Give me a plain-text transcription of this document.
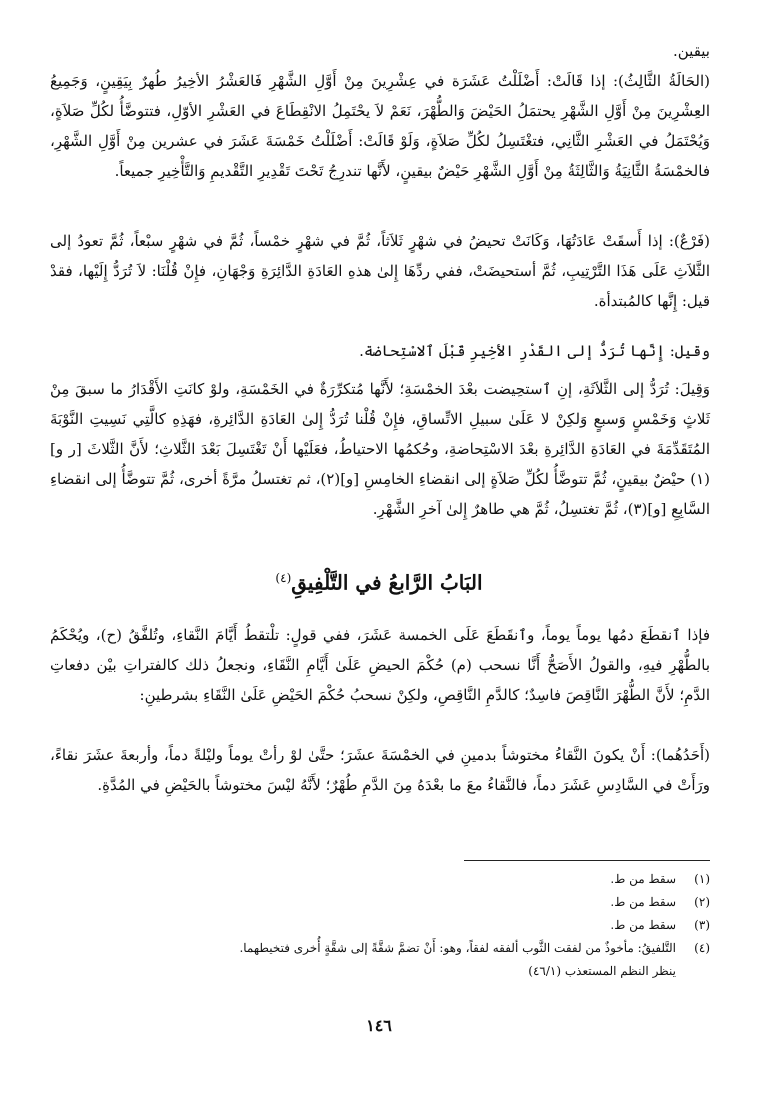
بيقين.

(الحَالَةُ الثَّالِثُ): إذا قَالَتْ: أَضْلَلْتُ عَشَرَة في عِشْرِينَ مِنْ أَوَّلِ الشَّهْرِ فَالعَشْرُ الأخِيرُ طُهرٌ بِيَقِينٍ، وَجَمِيعُ العِشْرِينَ مِنْ أَوَّلِ الشَّهْرِ يحتمَلُ الحَيْضَ وَالطُّهْرَ، نَعَمْ لاَ يحْتَمِلُ الانْقِطَاعَ في العَشْرِ الأوّلِ، فتتوضَّأُ لكُلِّ صَلاَةٍ، وَيُحْتَمَلُ في العَشْرِ الثَّانِي، فتغْتَسِلُ لكُلِّ صَلاَةٍ، وَلَوْ قَالَتْ: أَضْلَلْتُ خَمْسَةَ عَشَرَ في عشرين مِنْ أَوَّلِ الشَّهْرِ، فالخمْسَةُ الثَّانِيَةُ وَالثَّالِثَةُ مِنْ أَوَّلِ الشَّهْرِ حَيْضٌ بيقينٍ، لأَنَّها تندرِجُ تَحْتَ تَقْدِيرِ التَّقْديمِ وَالتَّأْخِيرِ جميعاً.

(فَرْعٌ): إذا أَسقَتْ عَادَتُهَا، وَكَانَتْ تحيضُ في شهْرٍ ثَلاَثاً، ثُمَّ في شهْرٍ خمْساً، ثُمَّ في شهْرٍ سبْعاً، ثُمَّ تعودُ إلى الثَّلاَثِ عَلَى هَذَا التَّرْتِيبِ، ثُمَّ أستحيضَتْ، ففي ردِّهَا إِلىٰ هذهِ العَادَةِ الدَّائِرَةِ وَجْهَانِ، فإِنْ قُلْنَا: لاَ تُرَدُّ إِلَيْها، فقدْ قيل: إِنَّها كالمُبتدأة.

وقيل: إِنَّها تُرَدُّ إلى القَدْرِ الأخِيرِ قَبْلَ ٱلاسْتِحاضة.

وَقِيلَ: تُرَدُّ إلى الثَّلاَثَةِ، إنِ ٱستحِيضت بعْدَ الخمْسَةِ؛ لأَنَّها مُتكرِّرَةٌ في الخَمْسَةِ، ولوْ كانَتِ الأَقْدَارُ ما سبقَ مِنْ ثَلاثٍ وَخَمْسٍ وَسبعٍ وَلكِنْ لا عَلَىٰ سبيلِ الاتِّساقِ، فإِنْ قُلْنا تُرَدُّ إِلىٰ العَادَةِ الدَّائِرةِ، فهَذِهِ كالَّتِي نَسِيتِ النَّوْبَةَ المُتَقَدِّمَةَ في العَادَةِ الدَّائِرةِ بعْدَ الاسْتِحاضةِ، وحُكمُها الاحتياطُ، فعَلَيْها أَنْ تَغْتَسِلَ بَعْدَ الثَّلاثِ؛ لأَنَّ الثَّلاثَ [ر و](١) حيْضٌ بيقينٍ، ثُمَّ تتوضَّأُ لكُلِّ صَلاَةٍ إلى انقضاءِ الخامِسِ [و](٢)، ثم تغتسلُ مرَّةً أخرى، ثُمَّ تتوضَّأُ إلى انقضاءِ السَّابِعِ [و](٣)، ثُمَّ تغتسِلُ، ثُمَّ هي طاهرٌ إِلىٰ آخرِ الشَّهْرِ.

البَابُ الرَّابعُ في التَّلْفِيقِ$^{(٤)}$

فإذا ٱنقطَعَ دمُها يوماً يوماً، وٱنقَطَعَ عَلَى الخمسة عَشَرَ، ففي قولٍ: تلْتقطُ أَيَّامَ النَّقاءِ، وتُلفَّقُ (ح)، ويُحْكَمُ بالطُّهْرِ فيهِ، والقولُ الأَصَحُّ أَنَّا نسحب (م) حُكْمَ الحيضِ عَلَىٰ أَيَّامِ النَّقَاءِ، ونجعلُ ذلك كالفتراتِ بيْن دفعاتِ الدَّمِ؛ لأَنَّ الطُّهْرَ النَّاقِصَ فاسِدٌ؛ كالدَّمِ النَّاقِصِ، ولكِنْ نسحبُ حُكْمَ الحَيْضِ عَلَىٰ النَّقَاءِ بشرطينِ:

(أَحَدُهُما): أَنْ يكونَ النَّقاءُ مختوشاً بدمينِ في الخمْسَةَ عشَرَ؛ حتَّىٰ لوْ رأتْ يوماً وليْلةً دماً، وأربعةَ عشَرَ نقاءً، ورَأَتْ في السَّادِسِ عَشَرَ دماً، فالنَّقاءُ معَ ما بعْدَهُ مِنَ الدَّمِ طُهْرٌ؛ لأَنَّهُ ليْسَ مختوشاً بالحَيْضِ في المُدَّةِ.

(١)
سقط من ط.
(٢)
سقط من ط.
(٣)
سقط من ط.
(٤)
التَّلفيقُ: مأخوذٌ من لفقت الثَّوب ألفقه لفقاً، وهو: أَنْ تضمَّ شقَّةً إلى شقَّةٍ أُخرى فتخيطهما.
ينظر النظم المستعذب (٤٦/١)
١٤٦
